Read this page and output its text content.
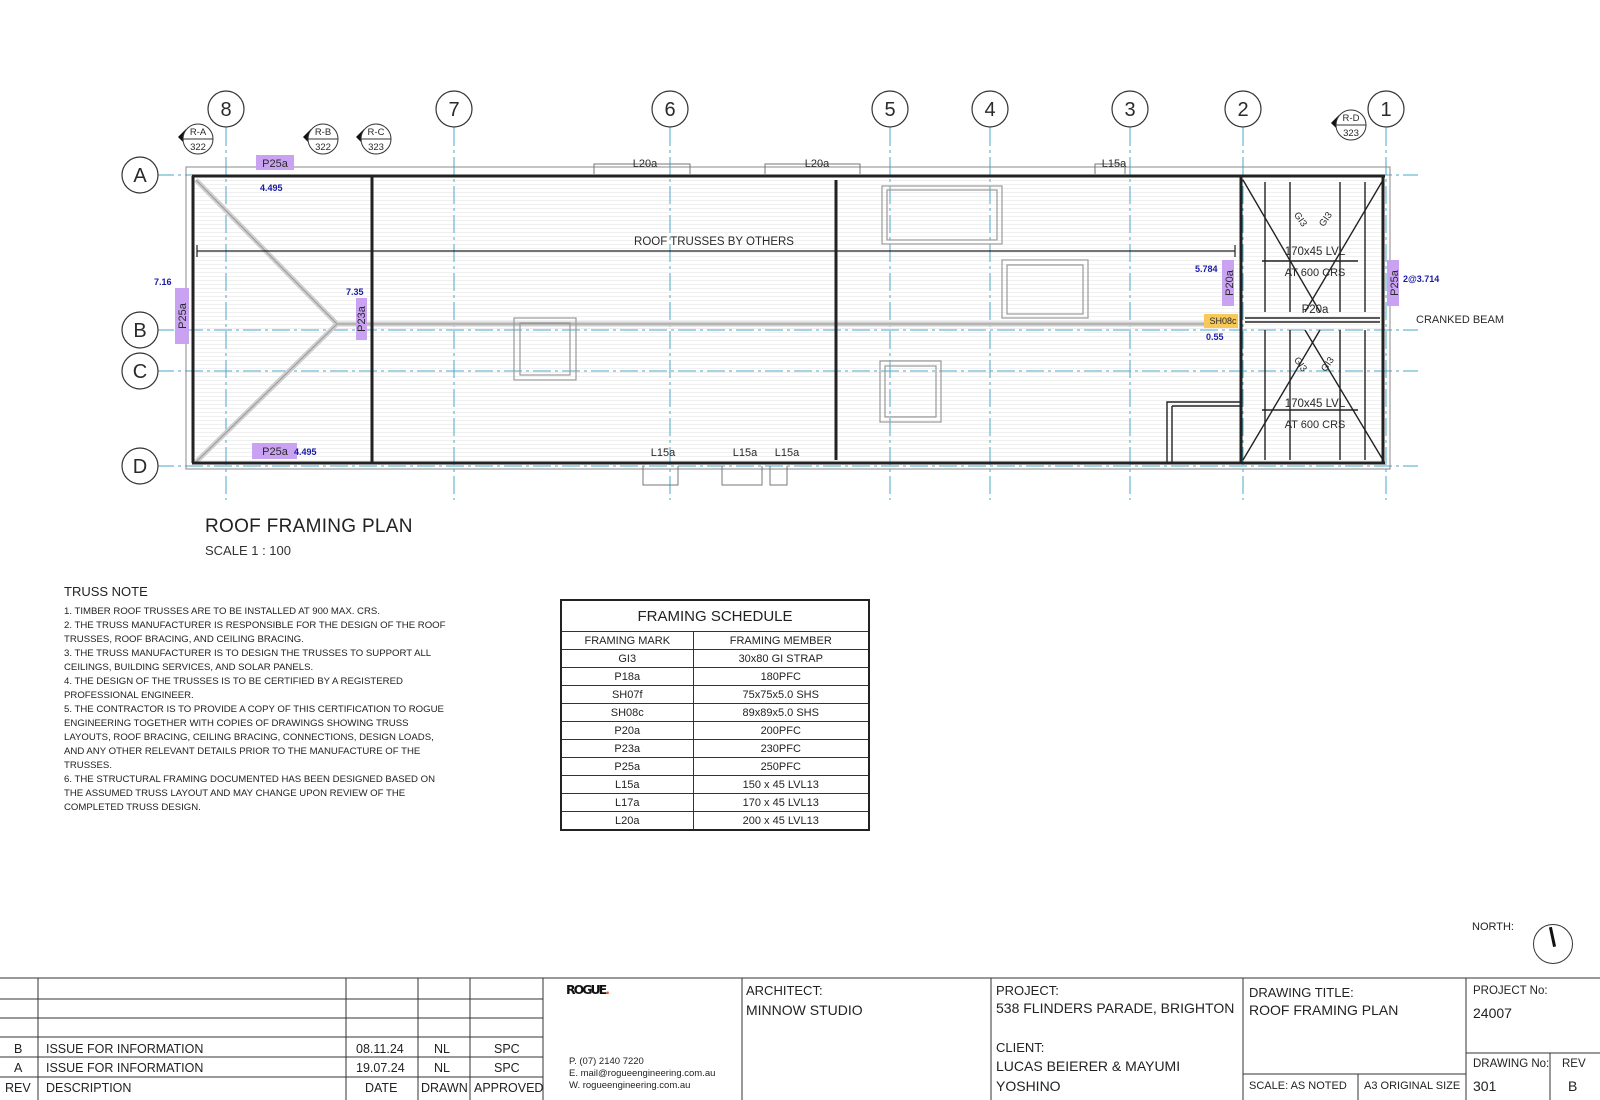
8	7	6	5	4	3	2	1
A
B
C
D
R-A
322
R-B
322
R-C
323
R-D
323
ROOF TRUSSES BY OTHERS
CRANKED BEAM
170x45 LVL
AT 600 CRS
170x45 LVL
AT 600 CRS
P20a
P25a
P25a
L20a	L20a	L15a
L15a	L15a L15a
SH08c
P25a	P23a
P20a	P25a
GI3 GI3
GI3 GI3
4.495
4.495
7.16
7.35
5.784
0.55
2@3.714
ROOF FRAMING PLAN
SCALE 1 : 100
TRUSS NOTE

1. TIMBER ROOF TRUSSES ARE TO BE INSTALLED AT 900 MAX. CRS.

2. THE TRUSS MANUFACTURER IS RESPONSIBLE FOR THE DESIGN OF THE ROOF TRUSSES, ROOF BRACING, AND CEILING BRACING.

3. THE TRUSS MANUFACTURER IS TO DESIGN THE TRUSSES TO SUPPORT ALL CEILINGS, BUILDING SERVICES, AND SOLAR PANELS.

4. THE DESIGN OF THE TRUSSES IS TO BE CERTIFIED BY A REGISTERED PROFESSIONAL ENGINEER.

5. THE CONTRACTOR IS TO PROVIDE A COPY OF THIS CERTIFICATION TO ROGUE ENGINEERING TOGETHER WITH COPIES OF DRAWINGS SHOWING TRUSS LAYOUTS, ROOF BRACING, CEILING BRACING, CONNECTIONS, DESIGN LOADS, AND ANY OTHER RELEVANT DETAILS PRIOR TO THE MANUFACTURE OF THE TRUSSES.

6. THE STRUCTURAL FRAMING DOCUMENTED HAS BEEN DESIGNED BASED ON THE ASSUMED TRUSS LAYOUT AND MAY CHANGE UPON REVIEW OF THE COMPLETED TRUSS DESIGN.

FRAMING SCHEDULE	
FRAMING MARK	FRAMING MEMBER
GI3	30x80 GI STRAP
P18a	180PFC
SH07f	75x75x5.0 SHS
SH08c	89x89x5.0 SHS
P20a	200PFC
P23a	230PFC
P25a	250PFC
L15a	150 x 45 LVL13
L17a	170 x 45 LVL13
L20a	200 x 45 LVL13
NORTH:
B ISSUE FOR INFORMATION	08.11.24 NL	SPC
A ISSUE FOR INFORMATION	19.07.24 NL	SPC
REV DESCRIPTION	DATE DRAWN APPROVED
ROGUE.
P. (07) 2140 7220
E. mail@rogueengineering.com.au
W. rogueengineering.com.au
ARCHITECT:
MINNOW STUDIO
PROJECT:
538 FLINDERS PARADE, BRIGHTON
CLIENT:
LUCAS BEIERER & MAYUMI
YOSHINO
DRAWING TITLE:
ROOF FRAMING PLAN
SCALE: AS NOTED A3 ORIGINAL SIZE
PROJECT No:
24007
DRAWING No:
301
REV
B
